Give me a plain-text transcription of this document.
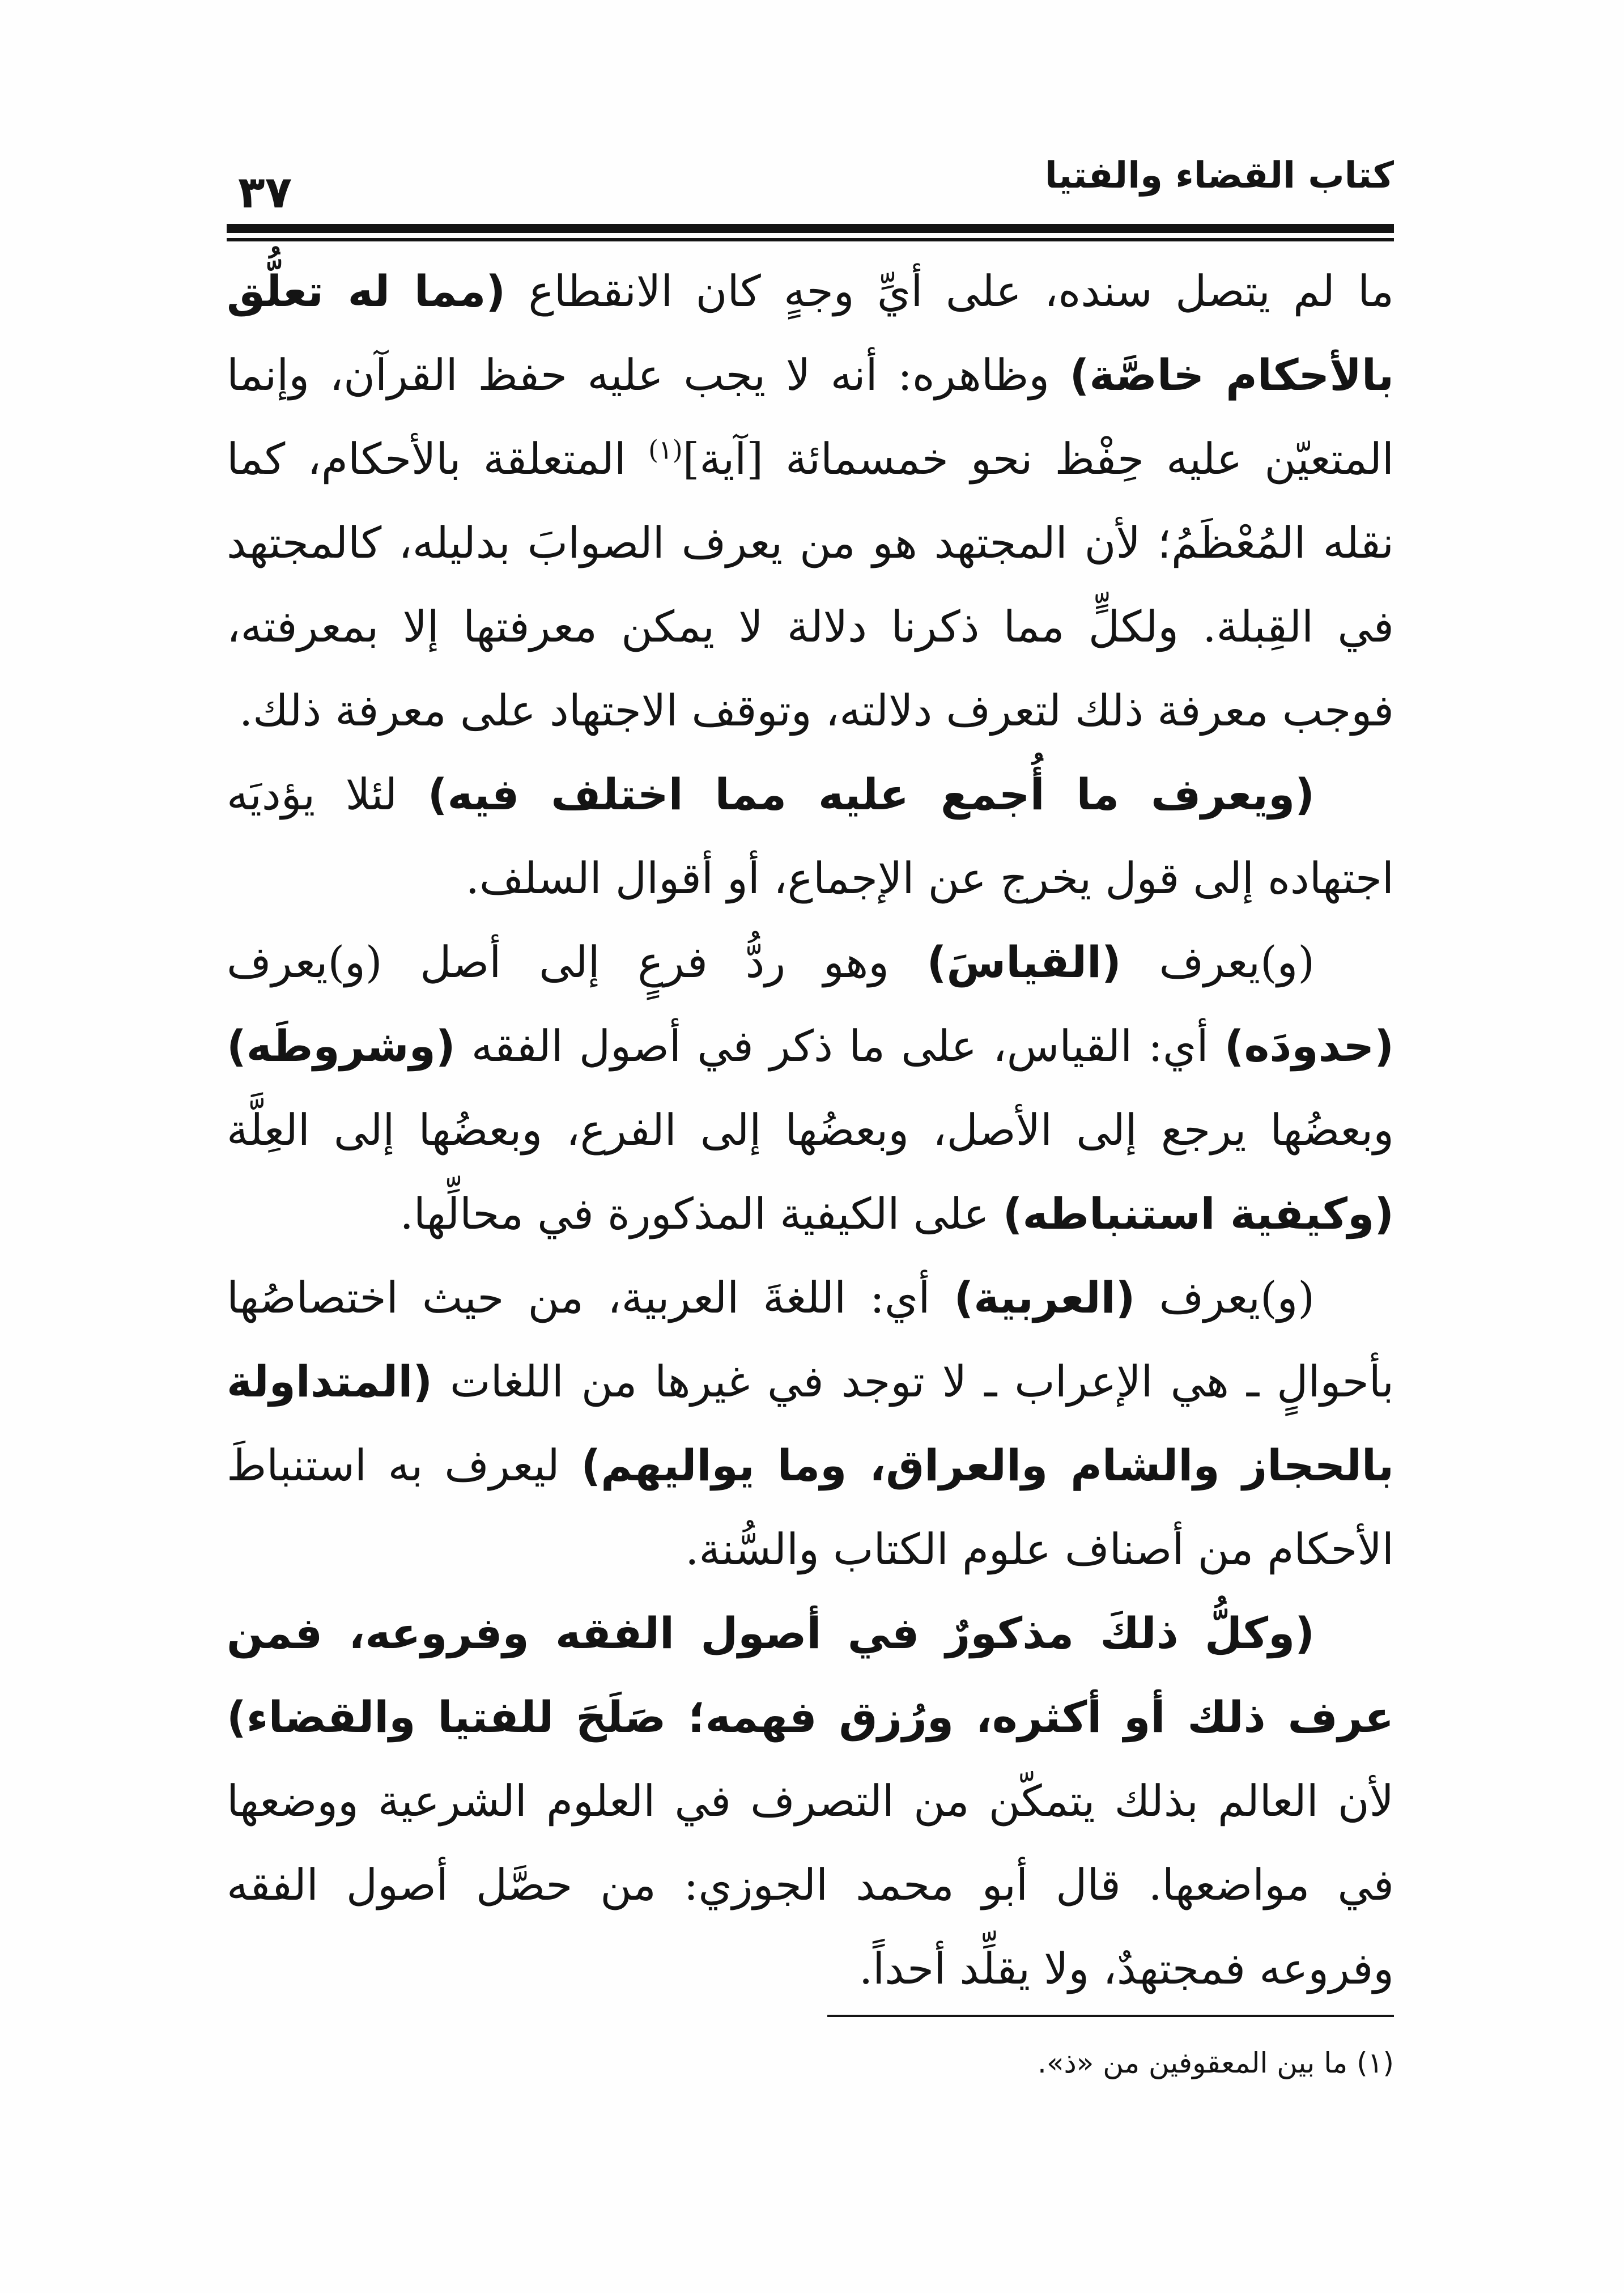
كتاب القضاء والفتيا
٣٧

ما لم يتصل سنده، على أيِّ وجهٍ كان الانقطاع (مما له تعلُّق بالأحكام خاصَّة) وظاهره: أنه لا يجب عليه حفظ القرآن، وإنما المتعيّن عليه حِفْظ نحو خمسمائة [آية]$^{(١)}$ المتعلقة بالأحكام، كما نقله المُعْظَمُ؛ لأن المجتهد هو من يعرف الصوابَ بدليله، كالمجتهد في القِبلة. ولكلٍّ مما ذكرنا دلالة لا يمكن معرفتها إلا بمعرفته، فوجب معرفة ذلك لتعرف دلالته، وتوقف الاجتهاد على معرفة ذلك.

(ويعرف ما أُجمع عليه مما اختلف فيه) لئلا يؤديَه اجتهاده إلى قول يخرج عن الإجماع، أو أقوال السلف.

(و)يعرف (القياسَ) وهو ردُّ فرعٍ إلى أصل (و)يعرف (حدودَه) أي: القياس، على ما ذكر في أصول الفقه (وشروطَه) وبعضُها يرجع إلى الأصل، وبعضُها إلى الفرع، وبعضُها إلى العِلَّة (وكيفية استنباطه) على الكيفية المذكورة في محالِّها.

(و)يعرف (العربية) أي: اللغةَ العربية، من حيث اختصاصُها بأحوالٍ ـ هي الإعراب ـ لا توجد في غيرها من اللغات (المتداولة بالحجاز والشام والعراق، وما يواليهم) ليعرف به استنباطَ الأحكام من أصناف علوم الكتاب والسُّنة.

(وكلُّ ذلكَ مذكورٌ في أصول الفقه وفروعه، فمن عرف ذلك أو أكثره، ورُزق فهمه؛ صَلَحَ للفتيا والقضاء) لأن العالم بذلك يتمكّن من التصرف في العلوم الشرعية ووضعها في مواضعها. قال أبو محمد الجوزي: من حصَّل أصول الفقه وفروعه فمجتهدٌ، ولا يقلِّد أحداً.

(١) ما بين المعقوفين من «ذ».
